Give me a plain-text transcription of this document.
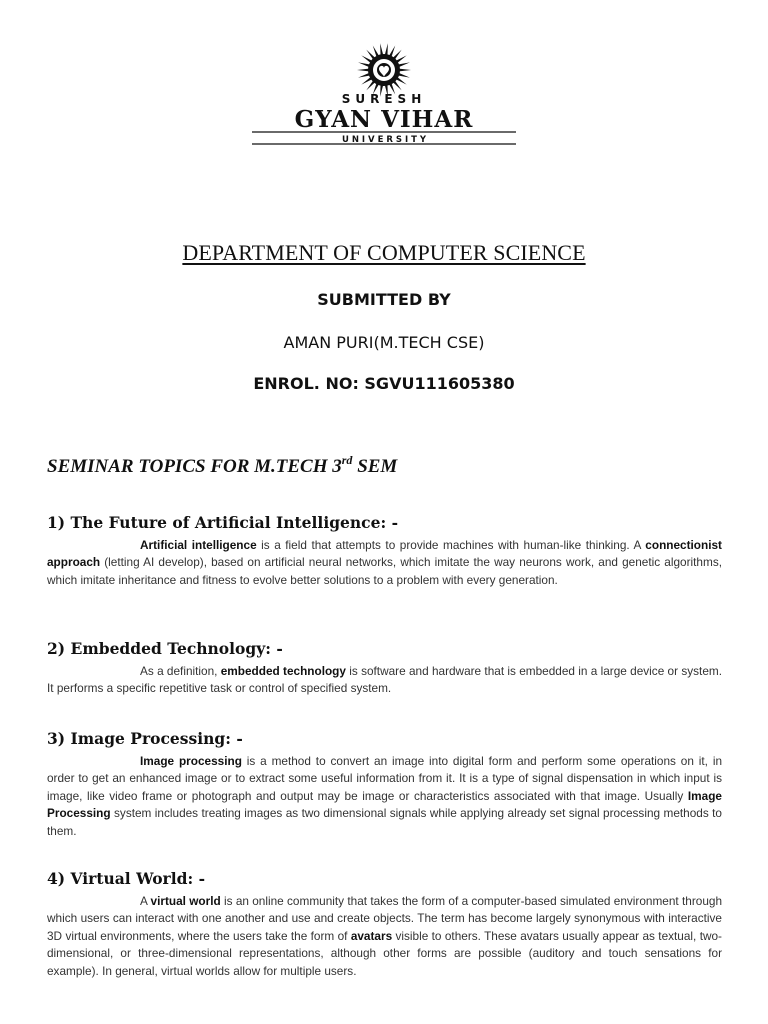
SURESH
GYAN VIHAR
U N I V E R S I T Y
DEPARTMENT OF COMPUTER SCIENCE
SUBMITTED BY
AMAN PURI(M.TECH CSE)
ENROL. NO: SGVU111605380
SEMINAR TOPICS FOR M.TECH 3rd SEM
1) The Future of Artificial Intelligence: -

Artificial intelligence is a field that attempts to provide machines with human-like thinking. A connectionist approach (letting AI develop), based on artificial neural networks, which imitate the way neurons work, and genetic algorithms, which imitate inheritance and fitness to evolve better solutions to a problem with every generation.

2) Embedded Technology: -

As a definition, embedded technology is software and hardware that is embedded in a large device or system. It performs a specific repetitive task or control of specified system.

3) Image Processing: -

Image processing is a method to convert an image into digital form and perform some operations on it, in order to get an enhanced image or to extract some useful information from it. It is a type of signal dispensation in which input is image, like video frame or photograph and output may be image or characteristics associated with that image. Usually Image Processing system includes treating images as two dimensional signals while applying already set signal processing methods to them.

4) Virtual World: -

A virtual world is an online community that takes the form of a computer-based simulated environment through which users can interact with one another and use and create objects. The term has become largely synonymous with interactive 3D virtual environments, where the users take the form of avatars visible to others. These avatars usually appear as textual, two-dimensional, or three-dimensional representations, although other forms are possible (auditory and touch sensations for example). In general, virtual worlds allow for multiple users.
